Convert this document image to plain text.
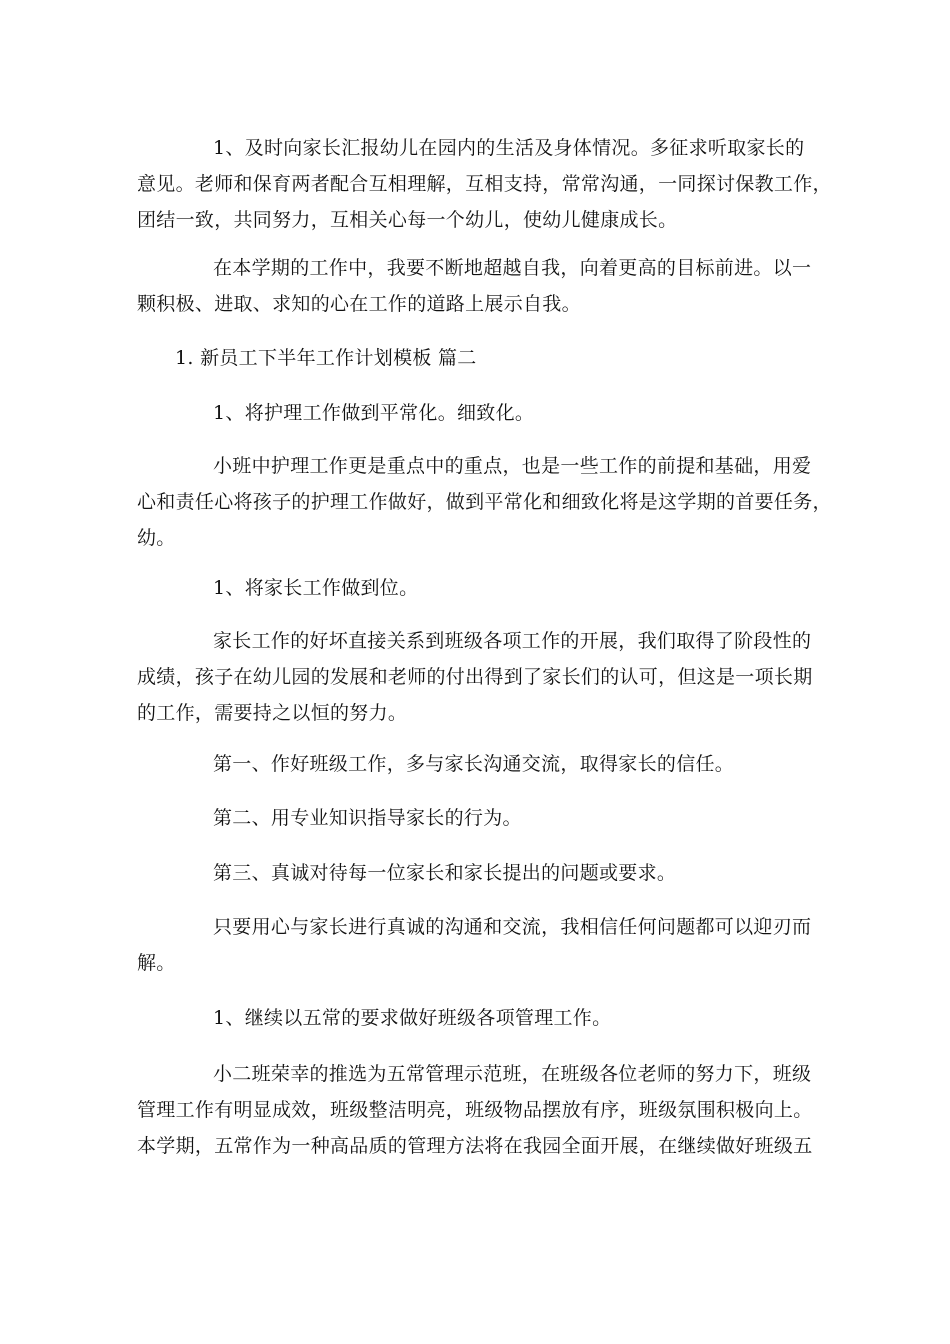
1、及时向家长汇报幼儿在园内的生活及身体情况。多征求听取家长的
意见。老师和保育两者配合互相理解，互相支持，常常沟通，一同探讨保教工作，
团结一致，共同努力，互相关心每一个幼儿，使幼儿健康成长。
在本学期的工作中，我要不断地超越自我，向着更高的目标前进。以一
颗积极、进取、求知的心在工作的道路上展示自我。
1. 新员工下半年工作计划模板 篇二
1、将护理工作做到平常化。细致化。
小班中护理工作更是重点中的重点，也是一些工作的前提和基础，用爱
心和责任心将孩子的护理工作做好，做到平常化和细致化将是这学期的首要任务，
幼。
1、将家长工作做到位。
家长工作的好坏直接关系到班级各项工作的开展，我们取得了阶段性的
成绩，孩子在幼儿园的发展和老师的付出得到了家长们的认可，但这是一项长期
的工作，需要持之以恒的努力。
第一、作好班级工作，多与家长沟通交流，取得家长的信任。
第二、用专业知识指导家长的行为。
第三、真诚对待每一位家长和家长提出的问题或要求。
只要用心与家长进行真诚的沟通和交流，我相信任何问题都可以迎刃而
解。
1、继续以五常的要求做好班级各项管理工作。
小二班荣幸的推选为五常管理示范班，在班级各位老师的努力下，班级
管理工作有明显成效，班级整洁明亮，班级物品摆放有序，班级氛围积极向上。
本学期，五常作为一种高品质的管理方法将在我园全面开展，在继续做好班级五
